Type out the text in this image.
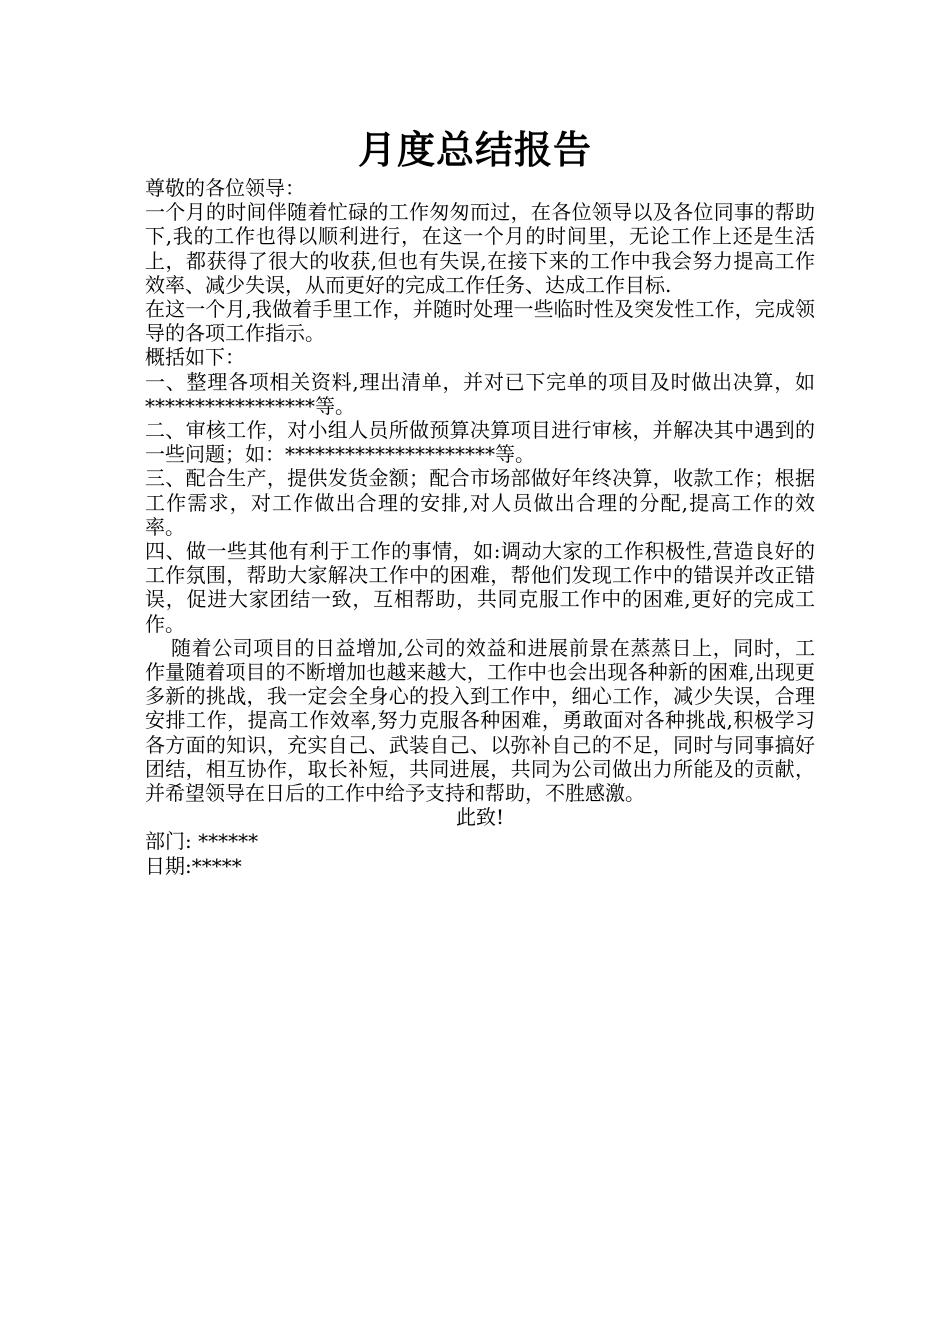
月度总结报告

尊敬的各位领导：

一个月的时间伴随着忙碌的工作匆匆而过，在各位领导以及各位同事的帮助下,我的工作也得以顺利进行，在这一个月的时间里，无论工作上还是生活上，都获得了很大的收获,但也有失误,在接下来的工作中我会努力提高工作效率、减少失误，从而更好的完成工作任务、达成工作目标.

在这一个月,我做着手里工作，并随时处理一些临时性及突发性工作，完成领导的各项工作指示。

概括如下：

一、整理各项相关资料,理出清单，并对已下完单的项目及时做出决算，如*****************等。

二、审核工作，对小组人员所做预算决算项目进行审核，并解决其中遇到的一些问题；如：*********************等。

三、配合生产，提供发货金额；配合市场部做好年终决算，收款工作；根据工作需求，对工作做出合理的安排,对人员做出合理的分配,提高工作的效率。

四、做一些其他有利于工作的事情，如:调动大家的工作积极性,营造良好的工作氛围，帮助大家解决工作中的困难，帮他们发现工作中的错误并改正错误，促进大家团结一致，互相帮助，共同克服工作中的困难,更好的完成工作。

随着公司项目的日益增加,公司的效益和进展前景在蒸蒸日上，同时，工作量随着项目的不断增加也越来越大，工作中也会出现各种新的困难,出现更多新的挑战，我一定会全身心的投入到工作中，细心工作，减少失误，合理安排工作，提高工作效率,努力克服各种困难，勇敢面对各种挑战,积极学习各方面的知识，充实自己、武装自己、以弥补自己的不足，同时与同事搞好团结，相互协作，取长补短，共同进展，共同为公司做出力所能及的贡献，并希望领导在日后的工作中给予支持和帮助，不胜感激。

此致!

部门: ******

日期:*****
